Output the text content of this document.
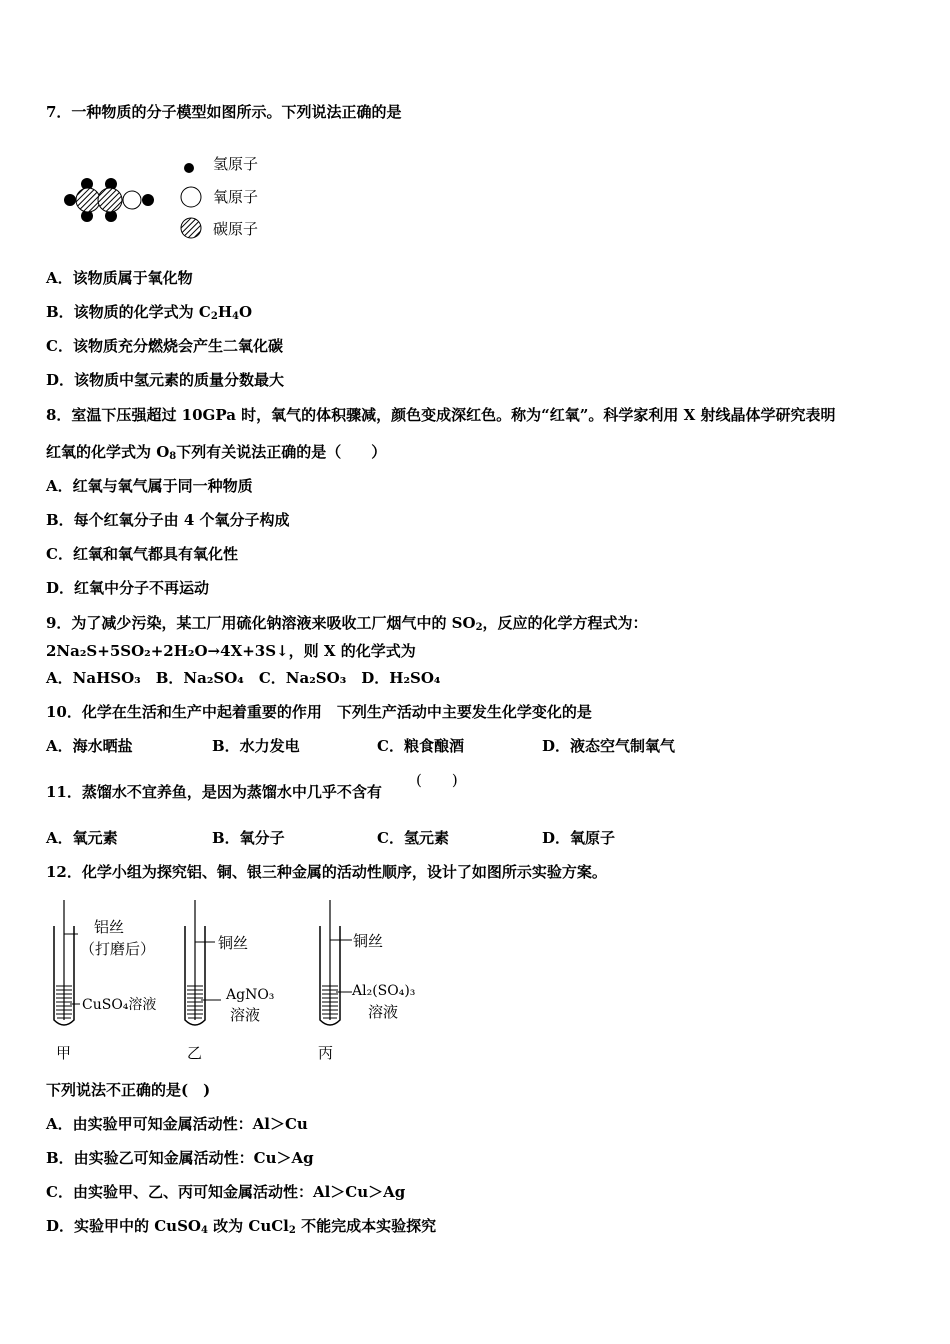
7．一种物质的分子模型如图所示。下列说法正确的是
氢原子
氧原子
碳原子
A．该物质属于氧化物
B．该物质的化学式为 $C_2H_4O$
C．该物质充分燃烧会产生二氧化碳
D．该物质中氢元素的质量分数最大
8．室温下压强超过 10GPa 时，氧气的体积骤减，颜色变成深红色。称为“红氧”。科学家利用 X 射线晶体学研究表明
红氧的化学式为 $O_8$下列有关说法正确的是（　　）
A．红氧与氧气属于同一种物质
B．每个红氧分子由 4 个氧分子构成
C．红氧和氧气都具有氧化性
D．红氧中分子不再运动
9．为了减少污染，某工厂用硫化钠溶液来吸收工厂烟气中的 $SO_2$，反应的化学方程式为：
2Na₂S+5SO₂+2H₂O→4X+3S↓，则 X 的化学式为
A．NaHSO₃　B．Na₂SO₄　C．Na₂SO₃　D．H₂SO₄
10．化学在生活和生产中起着重要的作用　下列生产活动中主要发生化学变化的是
A．海水晒盐	B．水力发电	C．粮食酿酒	D．液态空气制氧气
11．蒸馏水不宜养鱼，是因为蒸馏水中几乎不含有
(　　)
A．氧元素	B．氧分子	C．氢元素	D．氧原子
12．化学小组为探究铝、铜、银三种金属的活动性顺序，设计了如图所示实验方案。
铝丝
（打磨后）
CuSO₄溶液
甲
铜丝
AgNO₃
溶液
乙
铜丝
Al₂(SO₄)₃
溶液
丙
下列说法不正确的是(　)
A．由实验甲可知金属活动性：Al＞Cu
B．由实验乙可知金属活动性：Cu＞Ag
C．由实验甲、乙、丙可知金属活动性：Al＞Cu＞Ag
D．实验甲中的 CuSO$_4$ 改为 CuCl$_2$ 不能完成本实验探究
